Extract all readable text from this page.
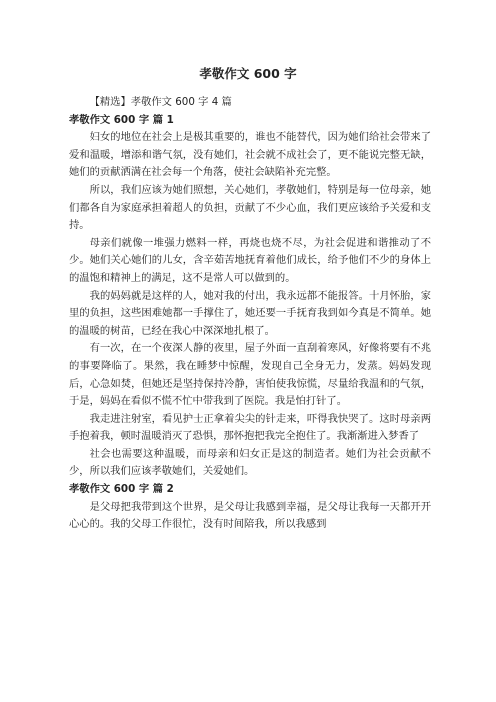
孝敬作文 600 字

【精选】孝敬作文 600 字 4 篇

孝敬作文 600 字 篇 1

妇女的地位在社会上是极其重要的，谁也不能替代，因为她们给社会带来了爱和温暖，增添和谐气氛，没有她们，社会就不成社会了，更不能说完整无缺，她们的贡献洒满在社会每一个角落，使社会缺陷补充完整。

所以，我们应该为她们照想，关心她们，孝敬她们，特别是每一位母亲，她们都各自为家庭承担着超人的负担，贡献了不少心血，我们更应该给予关爱和支持。

母亲们就像一堆强力燃料一样，再烧也烧不尽，为社会促进和谐推动了不少。她们关心她们的儿女，含辛茹苦地抚育着他们成长，给予他们不少的身体上的温饱和精神上的满足，这不是常人可以做到的。

我的妈妈就是这样的人，她对我的付出，我永远都不能报答。十月怀胎，家里的负担，这些困难她都一手撑住了，她还要一手抚育我到如今真是不简单。她的温暖的树苗，已经在我心中深深地扎根了。

有一次，在一个夜深人静的夜里，屋子外面一直刮着寒风，好像将要有不兆的事要降临了。果然，我在睡梦中惊醒，发现自己全身无力，发蒸。妈妈发现后，心急如焚，但她还是坚持保持冷静，害怕使我惊慌，尽量给我温和的气氛，于是，妈妈在看似不慌不忙中带我到了医院。我是怕打针了。

我走进注射室，看见护士正拿着尖尖的针走来，吓得我快哭了。这时母亲两手抱着我，顿时温暖消灭了恐惧，那怀抱把我完全抱住了。我渐渐进入梦香了

社会也需要这种温暖，而母亲和妇女正是这的制造者。她们为社会贡献不少，所以我们应该孝敬她们，关爱她们。

孝敬作文 600 字 篇 2

是父母把我带到这个世界，是父母让我感到幸福，是父母让我每一天都开开心心的。我的父母工作很忙，没有时间陪我，所以我感到
